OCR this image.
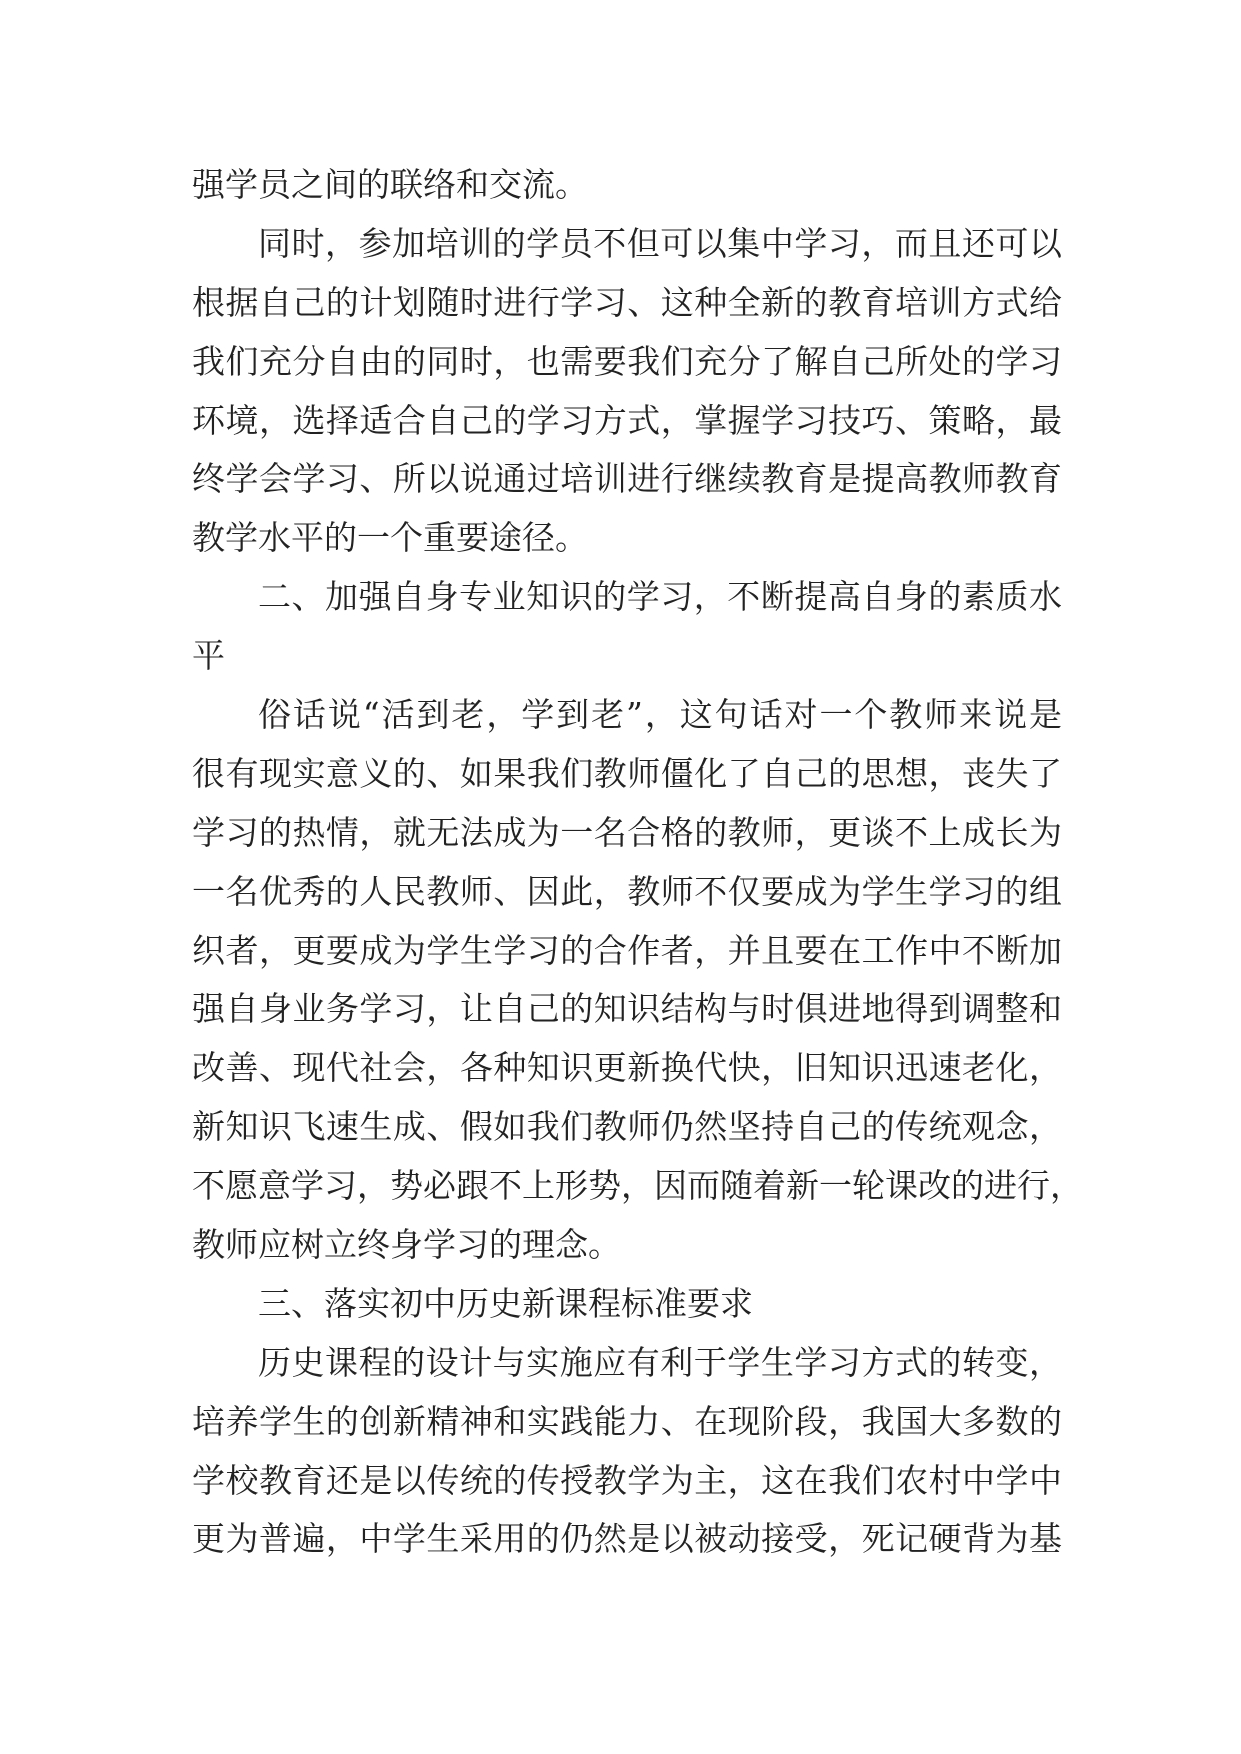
强学员之间的联络和交流。
同时，参加培训的学员不但可以集中学习，而且还可以
根据自己的计划随时进行学习、这种全新的教育培训方式给
我们充分自由的同时，也需要我们充分了解自己所处的学习
环境，选择适合自己的学习方式，掌握学习技巧、策略，最
终学会学习、所以说通过培训进行继续教育是提高教师教育
教学水平的一个重要途径。
二、加强自身专业知识的学习，不断提高自身的素质水
平
俗话说“活到老，学到老”，这句话对一个教师来说是
很有现实意义的、如果我们教师僵化了自己的思想，丧失了
学习的热情，就无法成为一名合格的教师，更谈不上成长为
一名优秀的人民教师、因此，教师不仅要成为学生学习的组
织者，更要成为学生学习的合作者，并且要在工作中不断加
强自身业务学习，让自己的知识结构与时俱进地得到调整和
改善、现代社会，各种知识更新换代快，旧知识迅速老化，
新知识飞速生成、假如我们教师仍然坚持自己的传统观念，
不愿意学习，势必跟不上形势，因而随着新一轮课改的进行，
教师应树立终身学习的理念。
三、落实初中历史新课程标准要求
历史课程的设计与实施应有利于学生学习方式的转变，
培养学生的创新精神和实践能力、在现阶段，我国大多数的
学校教育还是以传统的传授教学为主，这在我们农村中学中
更为普遍，中学生采用的仍然是以被动接受，死记硬背为基
